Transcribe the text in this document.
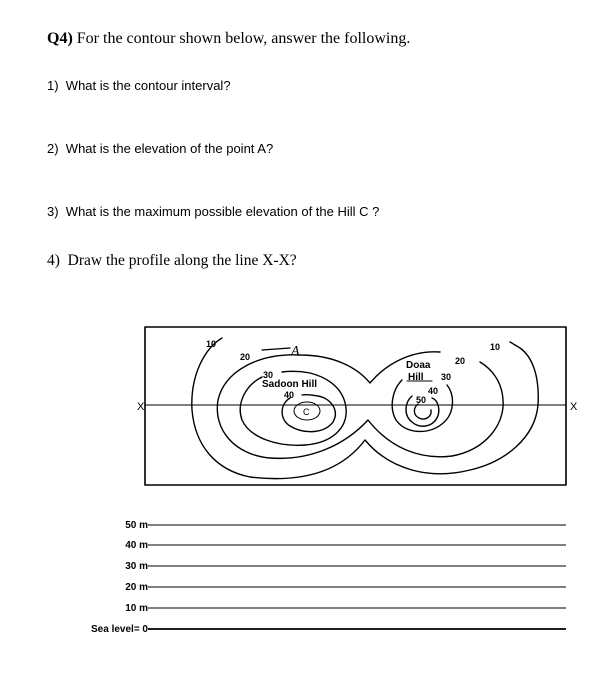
Q4) For the contour shown below, answer the following.
1) What is the contour interval?
2) What is the elevation of the point A?
3) What is the maximum possible elevation of the Hill C ?
4) Draw the profile along the line X-X?
10	10
20	20
30	30
40	40
50
Sadoon Hill
Doaa
Hill
C
A
X	X
50 m
40 m
30 m
20 m
10 m
Sea level= 0
